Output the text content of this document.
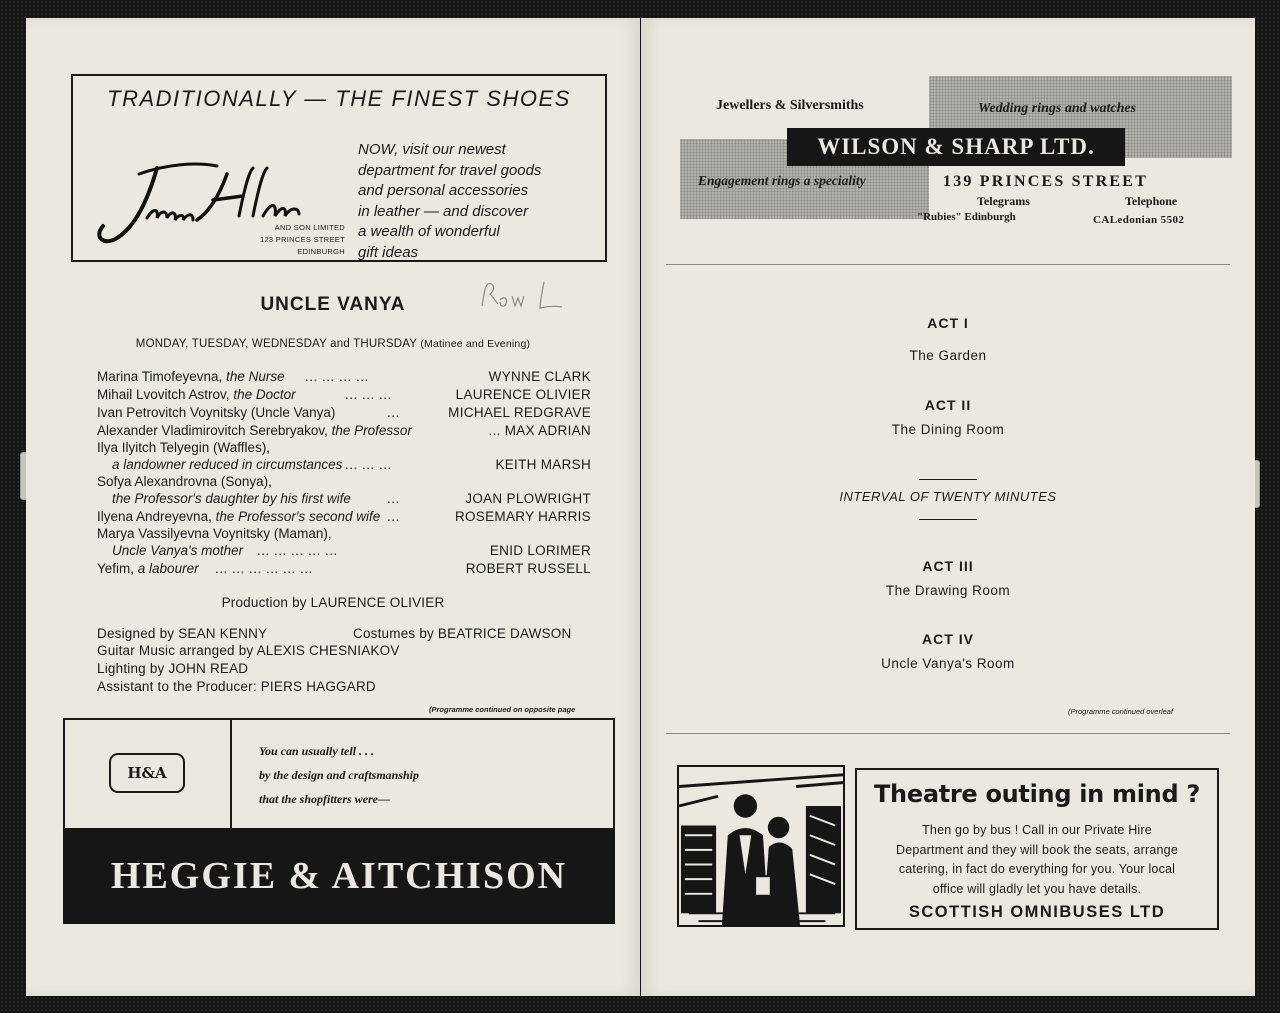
TRADITIONALLY — THE FINEST SHOES
AND SON LIMITED
123 PRINCES STREET
EDINBURGH
NOW, visit our newest
department for travel goods
and personal accessories
in leather — and discover
a wealth of wonderful
gift ideas
UNCLE VANYA
MONDAY, TUESDAY, WEDNESDAY and THURSDAY (Matinee and Evening)
Marina Timofeyevna, the Nurse ... ... ... ...	WYNNE CLARK
Mihail Lvovitch Astrov, the Doctor	... ... ...	LAURENCE OLIVIER
Ivan Petrovitch Voynitsky (Uncle Vanya)	...	MICHAEL REDGRAVE
Alexander Vladimirovitch Serebryakov, the Professor	... MAX ADRIAN
Ilya Ilyitch Telyegin (Waffles),
a landowner reduced in circumstances ... ... ...	KEITH MARSH
Sofya Alexandrovna (Sonya),
the Professor's daughter by his first wife	...	JOAN PLOWRIGHT
Ilyena Andreyevna, the Professor's second wife ...	ROSEMARY HARRIS
Marya Vassilyevna Voynitsky (Maman),
Uncle Vanya's mother ... ... ... ... ...	ENID LORIMER
Yefim, a labourer ... ... ... ... ... ...	ROBERT RUSSELL
Production by LAURENCE OLIVIER
Designed by SEAN KENNY	Costumes by BEATRICE DAWSON
Guitar Music arranged by ALEXIS CHESNIAKOV
Lighting by JOHN READ
Assistant to the Producer: PIERS HAGGARD
(Programme continued on opposite page
H&A
You can usually tell . . .
by the design and craftsmanship
that the shopfitters were—
HEGGIE & AITCHISON
Jewellers & Silversmiths	Wedding rings and watches
WILSON & SHARP LTD.
Engagement rings a speciality	139 PRINCES STREET
Telegrams	Telephone
"Rubies" Edinburgh	CALedonian 5502
ACT I
The Garden
ACT II
The Dining Room
INTERVAL OF TWENTY MINUTES
ACT III
The Drawing Room
ACT IV
Uncle Vanya's Room
(Programme continued overleaf
Theatre outing in mind ?
Then go by bus ! Call in our Private Hire
Department and they will book the seats, arrange
catering, in fact do everything for you. Your local
office will gladly let you have details.
SCOTTISH OMNIBUSES LTD
